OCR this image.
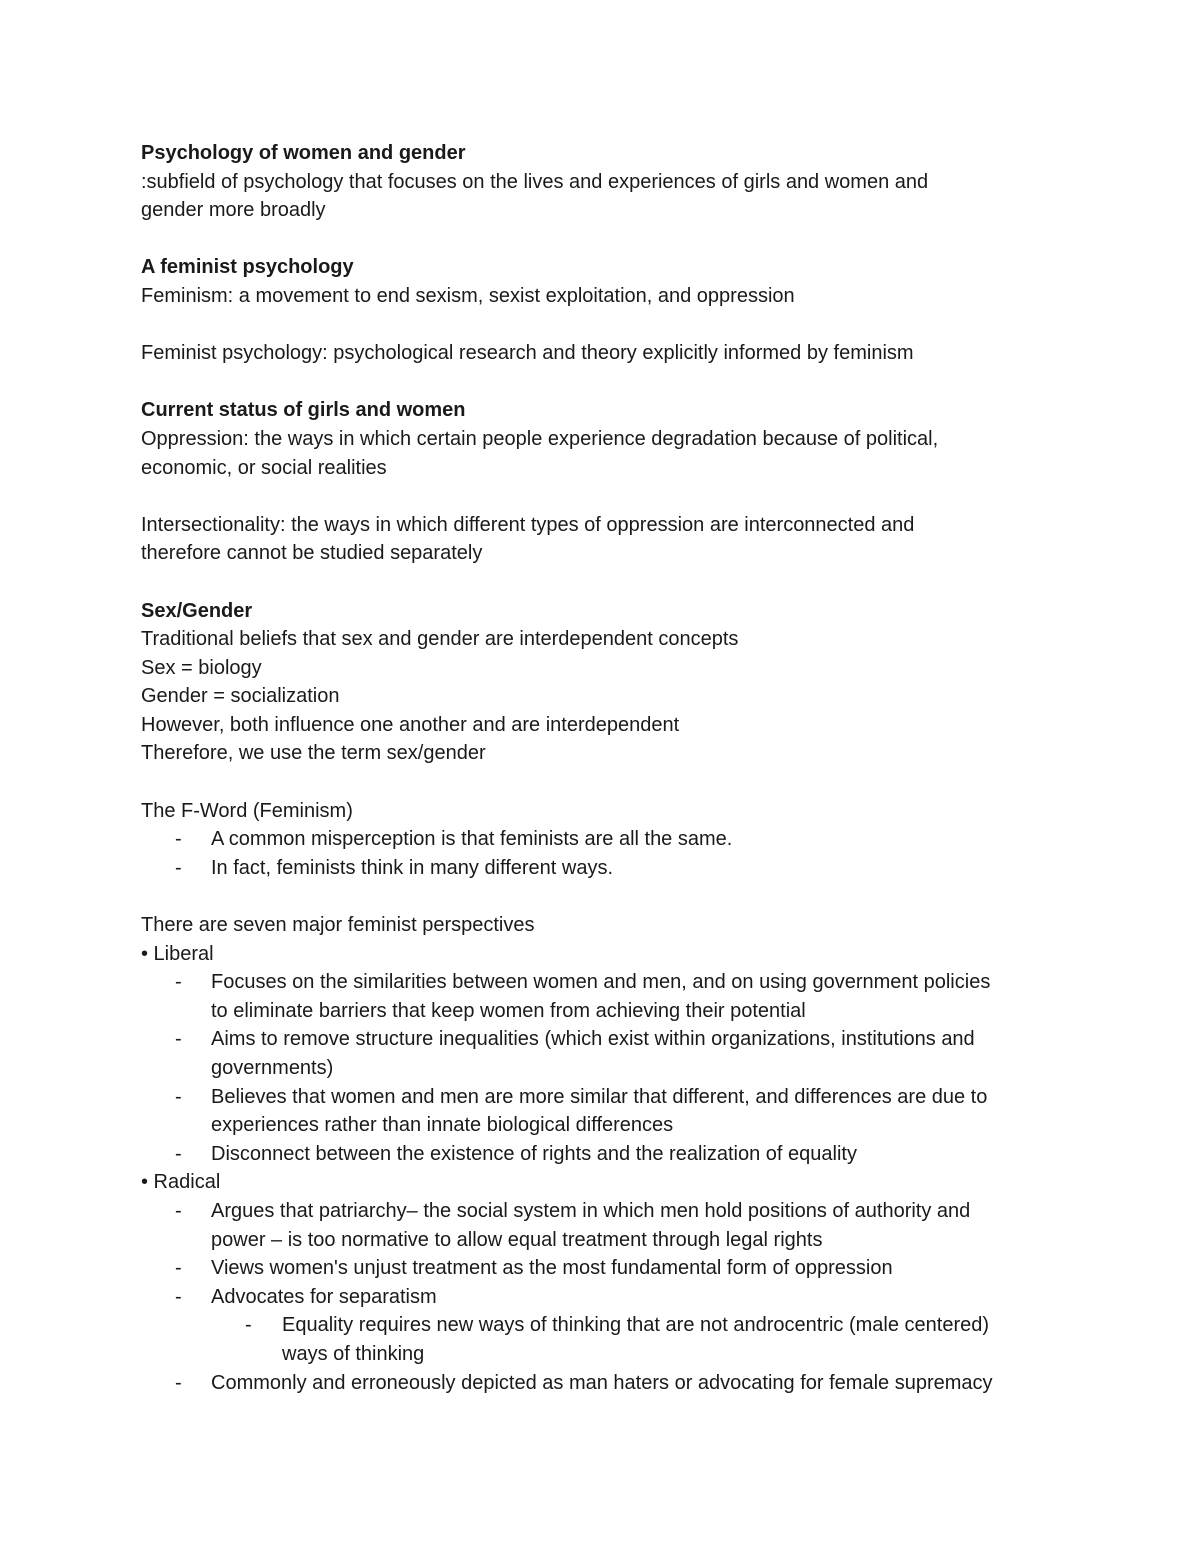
Psychology of women and gender
:subfield of psychology that focuses on the lives and experiences of girls and women and
gender more broadly
A feminist psychology
Feminism: a movement to end sexism, sexist exploitation, and oppression
Feminist psychology: psychological research and theory explicitly informed by feminism
Current status of girls and women
Oppression: the ways in which certain people experience degradation because of political,
economic, or social realities
Intersectionality: the ways in which different types of oppression are interconnected and
therefore cannot be studied separately
Sex/Gender
Traditional beliefs that sex and gender are interdependent concepts
Sex = biology
Gender = socialization
However, both influence one another and are interdependent
Therefore, we use the term sex/gender
The F-Word (Feminism)
- A common misperception is that feminists are all the same.
- In fact, feminists think in many different ways.
There are seven major feminist perspectives
• Liberal
- Focuses on the similarities between women and men, and on using government policies
to eliminate barriers that keep women from achieving their potential
- Aims to remove structure inequalities (which exist within organizations, institutions and
governments)
- Believes that women and men are more similar that different, and differences are due to
experiences rather than innate biological differences
- Disconnect between the existence of rights and the realization of equality
• Radical
- Argues that patriarchy– the social system in which men hold positions of authority and
power – is too normative to allow equal treatment through legal rights
- Views women's unjust treatment as the most fundamental form of oppression
- Advocates for separatism
- Equality requires new ways of thinking that are not androcentric (male centered)
ways of thinking
- Commonly and erroneously depicted as man haters or advocating for female supremacy
